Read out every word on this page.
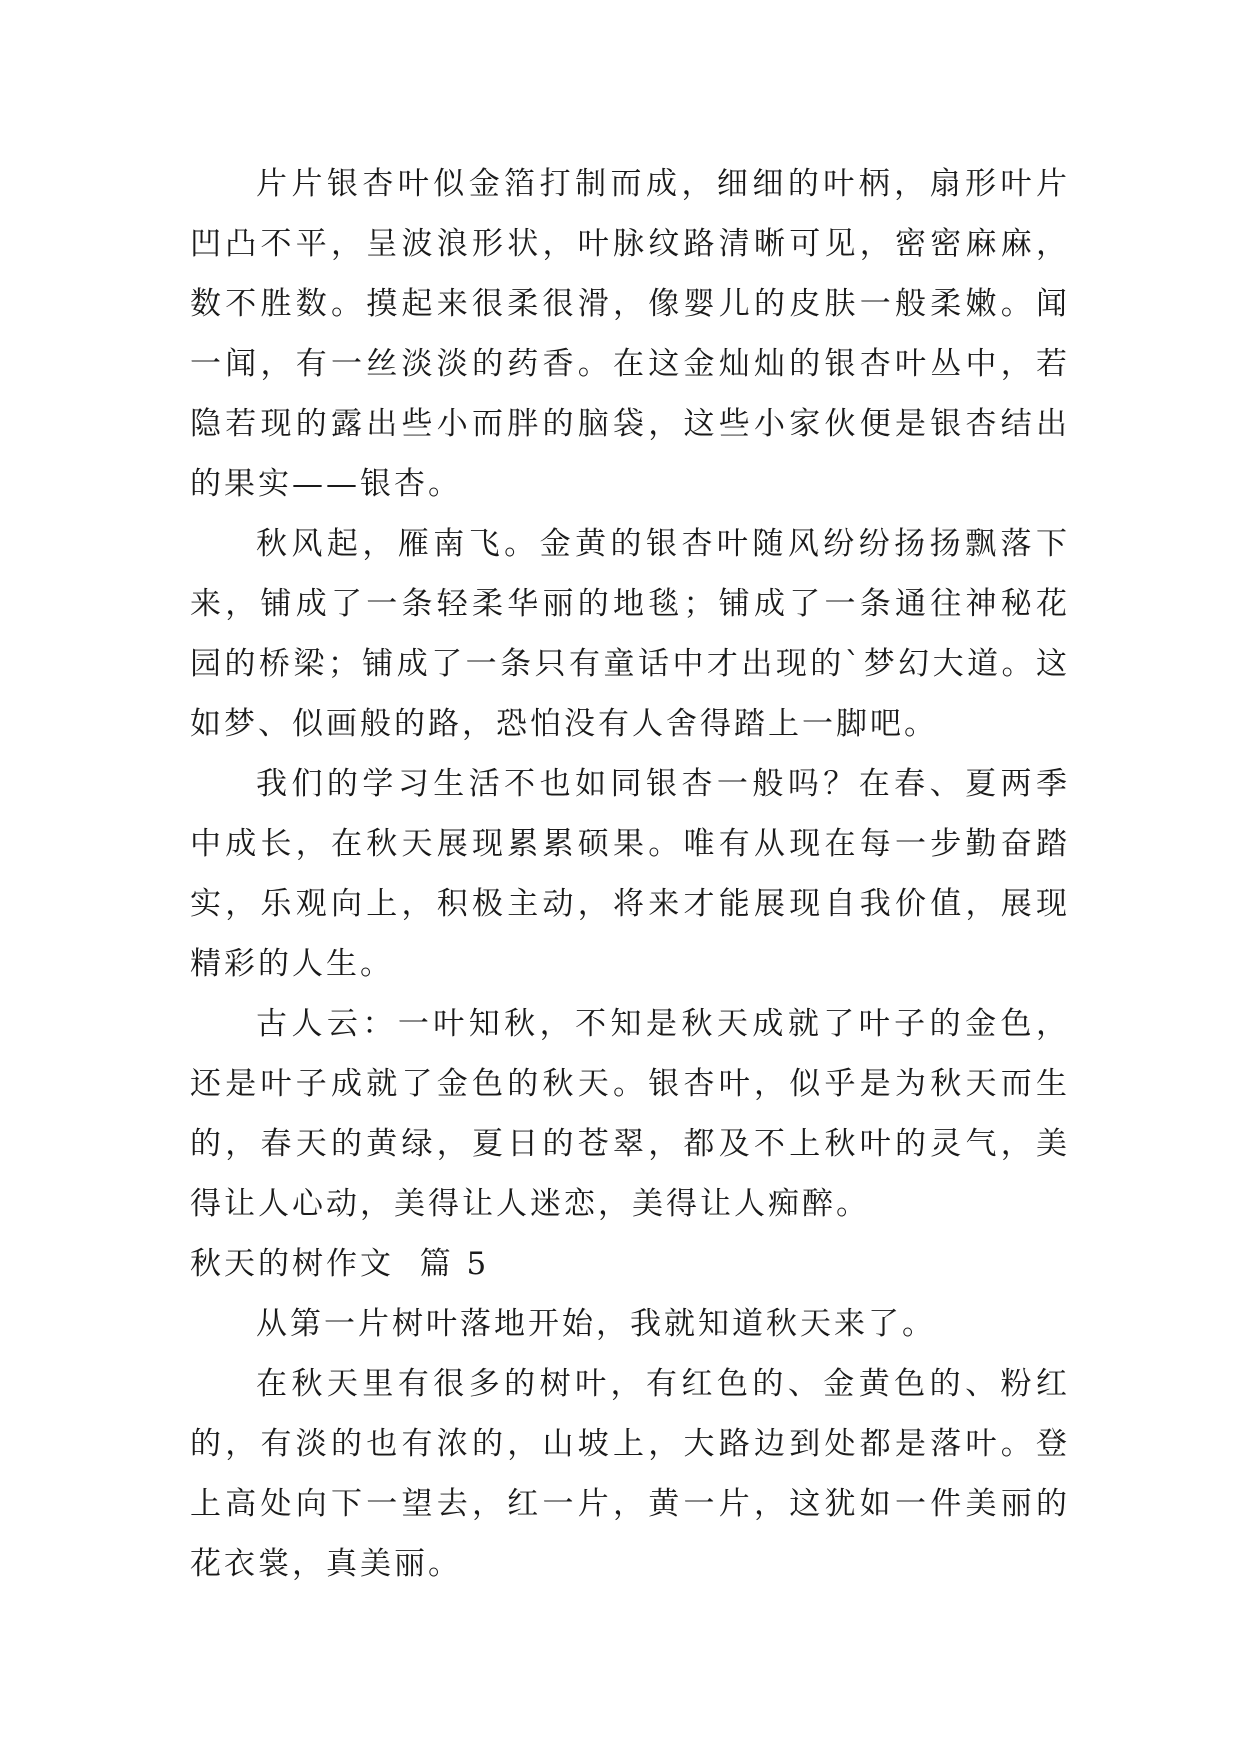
片片银杏叶似金箔打制而成，细细的叶柄，扇形叶片凹凸不平，呈波浪形状，叶脉纹路清晰可见，密密麻麻，数不胜数。摸起来很柔很滑，像婴儿的皮肤一般柔嫩。闻一闻，有一丝淡淡的药香。在这金灿灿的银杏叶丛中，若隐若现的露出些小而胖的脑袋，这些小家伙便是银杏结出的果实——银杏。

秋风起，雁南飞。金黄的银杏叶随风纷纷扬扬飘落下来，铺成了一条轻柔华丽的地毯；铺成了一条通往神秘花园的桥梁；铺成了一条只有童话中才出现的`梦幻大道。这如梦、似画般的路，恐怕没有人舍得踏上一脚吧。

我们的学习生活不也如同银杏一般吗？在春、夏两季中成长，在秋天展现累累硕果。唯有从现在每一步勤奋踏实，乐观向上，积极主动，将来才能展现自我价值，展现精彩的人生。

古人云：一叶知秋，不知是秋天成就了叶子的金色，还是叶子成就了金色的秋天。银杏叶，似乎是为秋天而生的，春天的黄绿，夏日的苍翠，都及不上秋叶的灵气，美得让人心动，美得让人迷恋，美得让人痴醉。

秋天的树作文  篇 5

从第一片树叶落地开始，我就知道秋天来了。

在秋天里有很多的树叶，有红色的、金黄色的、粉红的，有淡的也有浓的，山坡上，大路边到处都是落叶。登上高处向下一望去，红一片，黄一片，这犹如一件美丽的花衣裳，真美丽。
